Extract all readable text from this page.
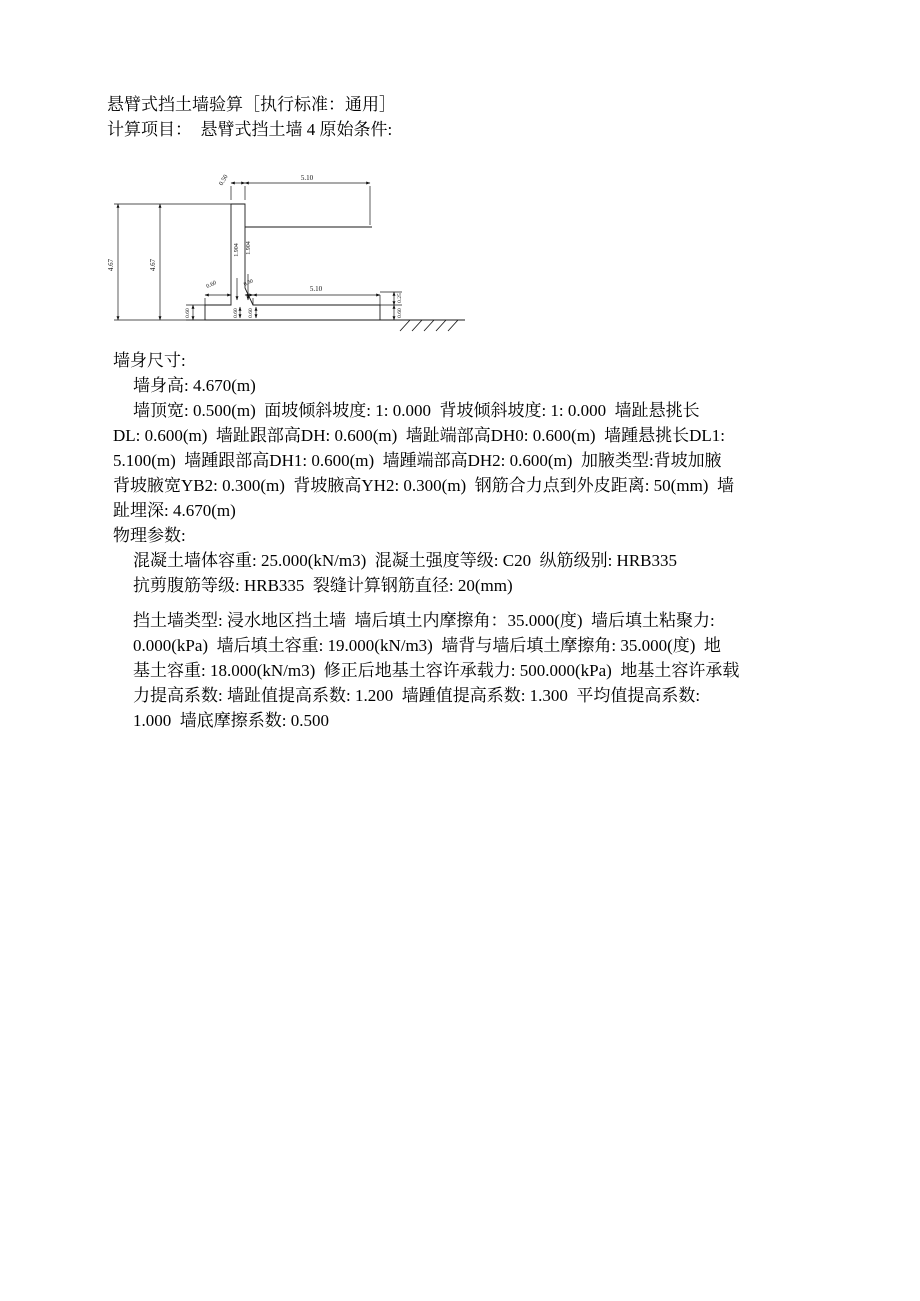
悬臂式挡土墙验算［执行标准：通用］
计算项目：  悬臂式挡土墙 4 原始条件:
0.50	5.10
4.67	4.67
1.904 1.904
0.60	0.30
5.10
0.60	0.60 0.60
0.25
0.60
墙身尺寸:
墙身高: 4.670(m)
墙顶宽: 0.500(m)  面坡倾斜坡度: 1: 0.000  背坡倾斜坡度: 1: 0.000  墙趾悬挑长
DL: 0.600(m)  墙趾跟部高DH: 0.600(m)  墙趾端部高DH0: 0.600(m)  墙踵悬挑长DL1:
5.100(m)  墙踵跟部高DH1: 0.600(m)  墙踵端部高DH2: 0.600(m)  加腋类型:背坡加腋
背坡腋宽YB2: 0.300(m)  背坡腋高YH2: 0.300(m)  钢筋合力点到外皮距离: 50(mm)  墙
趾埋深: 4.670(m)
物理参数:
混凝土墙体容重: 25.000(kN/m3)  混凝土强度等级: C20  纵筋级别: HRB335
抗剪腹筋等级: HRB335  裂缝计算钢筋直径: 20(mm)
挡土墙类型: 浸水地区挡土墙  墙后填土内摩擦角：35.000(度)  墙后填土粘聚力:
0.000(kPa)  墙后填土容重: 19.000(kN/m3)  墙背与墙后填土摩擦角: 35.000(度)  地
基土容重: 18.000(kN/m3)  修正后地基土容许承载力: 500.000(kPa)  地基土容许承载
力提高系数: 墙趾值提高系数: 1.200  墙踵值提高系数: 1.300  平均值提高系数:
1.000  墙底摩擦系数: 0.500
